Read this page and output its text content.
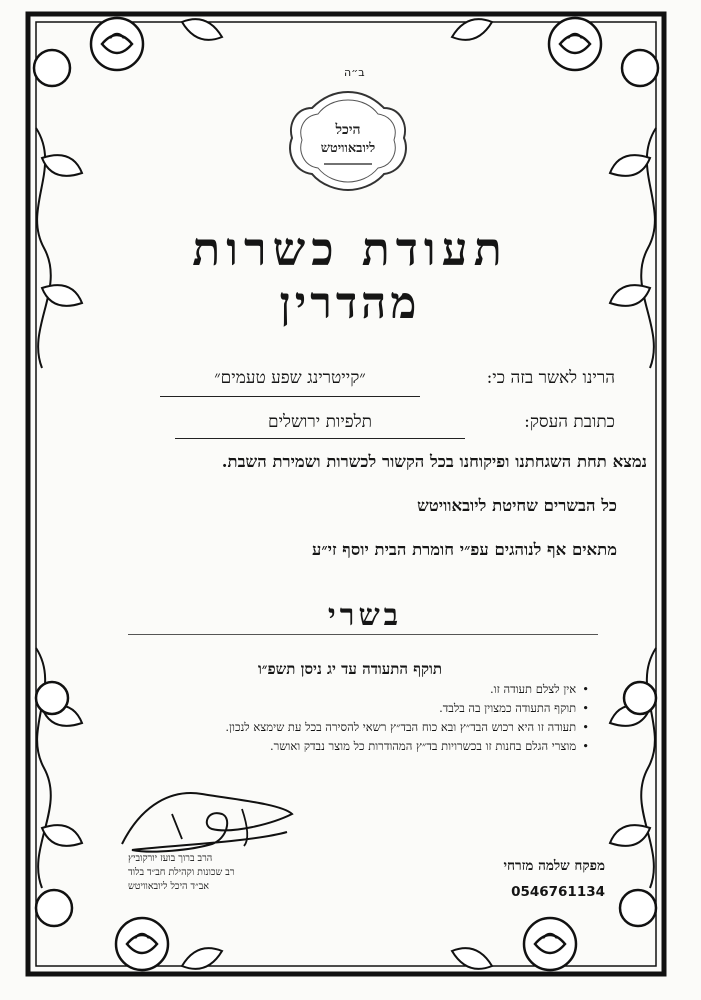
ב״ה
היכל
ליובאוויטש
תעודת כשרות
מהדרין
הרינו לאשר בזה כי:
״קייטרינג שפע טעמים״
כתובת העסק:
תלפיות ירושלים
נמצא תחת השגחתנו ופיקוחנו בכל הקשור לכשרות ושמירת השבת.
כל הבשרים שחיטת ליובאוויטש
מתאים אף לנוהגים עפ״י חומרת הבית יוסף זי״ע
בשרי
תוקף התעודה עד יג ניסן תשפ״ו
• אין לצלם תעודה זו.
• תוקף התעודה כמצוין בה בלבד.
• תעודה זו היא רכוש הבד״ץ ובא כוח הבד״ץ רשאי להסירה בכל עת שימצא לנכון.
• מוצרי הגלם בחנות זו בכשרויות בד״ץ המהודרות כל מוצר נבדק ואושר.
הרב ברוך בועז יורקוביץ
רב שכונות וקהילת חב״ד בלוד
אב״ד היכל ליובאוויטש
מפקח שלמה מזרחי
0546761134
